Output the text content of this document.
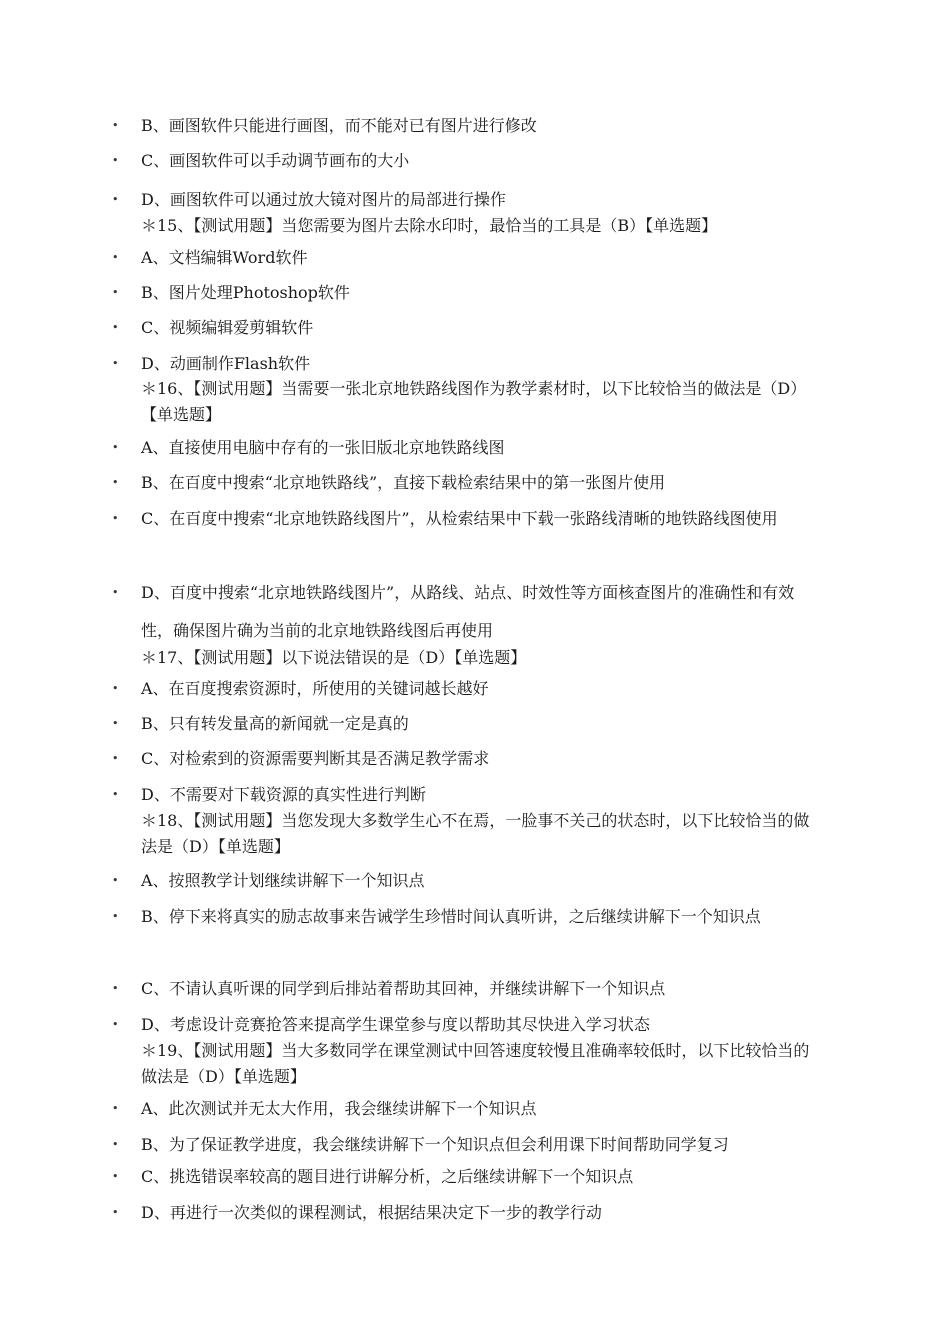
• B、画图软件只能进行画图，而不能对已有图片进行修改
• C、画图软件可以手动调节画布的大小
• D、画图软件可以通过放大镜对图片的局部进行操作
＊15、【测试用题】当您需要为图片去除水印时，最恰当的工具是（B）【单选题】
• A、文档编辑Word软件
• B、图片处理Photoshop软件
• C、视频编辑爱剪辑软件
• D、动画制作Flash软件
＊16、【测试用题】当需要一张北京地铁路线图作为教学素材时，以下比较恰当的做法是（D）【单选题】
• A、直接使用电脑中存有的一张旧版北京地铁路线图
• B、在百度中搜索“北京地铁路线”，直接下载检索结果中的第一张图片使用
• C、在百度中搜索“北京地铁路线图片”，从检索结果中下载一张路线清晰的地铁路线图使用
• D、百度中搜索“北京地铁路线图片”，从路线、站点、时效性等方面核查图片的准确性和有效性，确保图片确为当前的北京地铁路线图后再使用
＊17、【测试用题】以下说法错误的是（D）【单选题】
• A、在百度搜索资源时，所使用的关键词越长越好
• B、只有转发量高的新闻就一定是真的
• C、对检索到的资源需要判断其是否满足教学需求
• D、不需要对下载资源的真实性进行判断
＊18、【测试用题】当您发现大多数学生心不在焉，一脸事不关己的状态时，以下比较恰当的做法是（D）【单选题】
• A、按照教学计划继续讲解下一个知识点
• B、停下来将真实的励志故事来告诫学生珍惜时间认真听讲，之后继续讲解下一个知识点
• C、不请认真听课的同学到后排站着帮助其回神，并继续讲解下一个知识点
• D、考虑设计竞赛抢答来提高学生课堂参与度以帮助其尽快进入学习状态
＊19、【测试用题】当大多数同学在课堂测试中回答速度较慢且准确率较低时，以下比较恰当的做法是（D）【单选题】
• A、此次测试并无太大作用，我会继续讲解下一个知识点
• B、为了保证教学进度，我会继续讲解下一个知识点但会利用课下时间帮助同学复习
• C、挑选错误率较高的题目进行讲解分析，之后继续讲解下一个知识点
• D、再进行一次类似的课程测试，根据结果决定下一步的教学行动
